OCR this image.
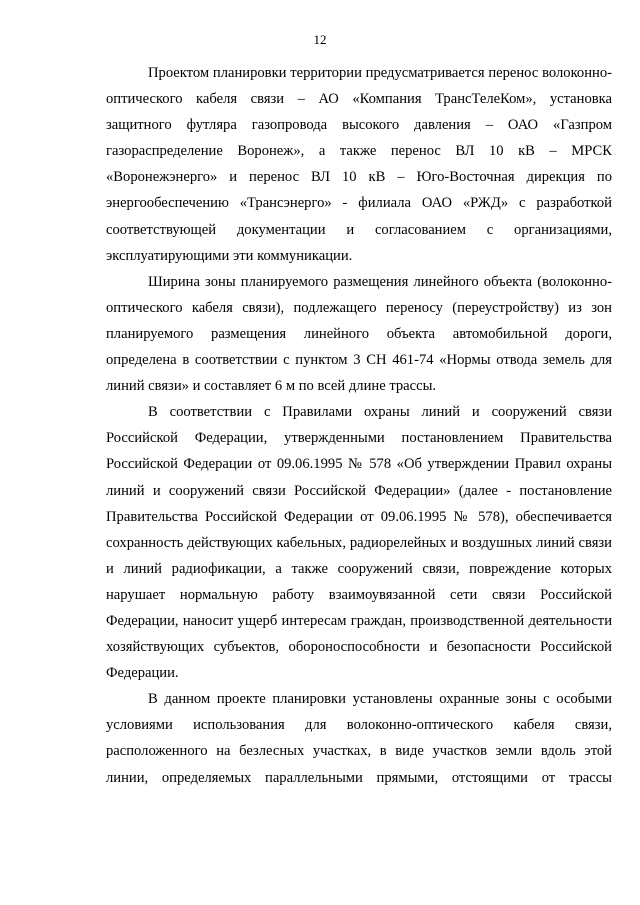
12

Проектом планировки территории предусматривается перенос волоконно-оптического кабеля связи – АО «Компания ТрансТелеКом», установка защитного футляра газопровода высокого давления – ОАО «Газпром газораспределение Воронеж», а также перенос ВЛ 10 кВ – МРСК «Воронежэнерго» и перенос ВЛ 10 кВ – Юго-Восточная дирекция по энергообеспечению «Трансэнерго» - филиала ОАО «РЖД» с разработкой соответствующей документации и согласованием с организациями, эксплуатирующими эти коммуникации.

Ширина зоны планируемого размещения линейного объекта (волоконно-оптического кабеля связи), подлежащего переносу (переустройству) из зон планируемого размещения линейного объекта автомобильной дороги, определена в соответствии с пунктом 3 СН 461-74 «Нормы отвода земель для линий связи» и составляет 6 м по всей длине трассы.

В соответствии с Правилами охраны линий и сооружений связи Российской Федерации, утвержденными постановлением Правительства Российской Федерации от 09.06.1995 № 578 «Об утверждении Правил охраны линий и сооружений связи Российской Федерации» (далее - постановление Правительства Российской Федерации от 09.06.1995 № 578), обеспечивается сохранность действующих кабельных, радиорелейных и воздушных линий связи и линий радиофикации, а также сооружений связи, повреждение которых нарушает нормальную работу взаимоувязанной сети связи Российской Федерации, наносит ущерб интересам граждан, производственной деятельности хозяйствующих субъектов, обороноспособности и безопасности Российской Федерации.

В данном проекте планировки установлены охранные зоны с особыми условиями использования для волоконно-оптического кабеля связи, расположенного на безлесных участках, в виде участков земли вдоль этой линии, определяемых параллельными прямыми, отстоящими от трассы
